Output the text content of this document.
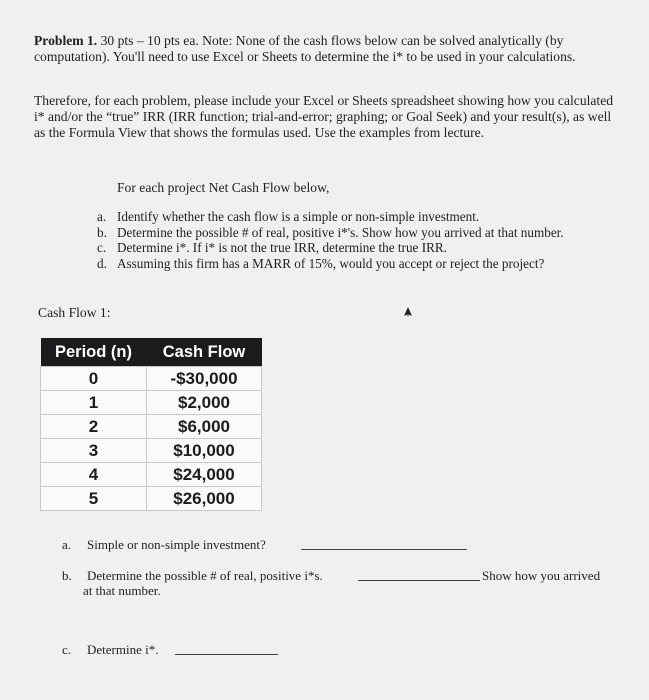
Problem 1. 30 pts – 10 pts ea. Note: None of the cash flows below can be solved analytically (by computation). You'll need to use Excel or Sheets to determine the i* to be used in your calculations.
Therefore, for each problem, please include your Excel or Sheets spreadsheet showing how you calculated i* and/or the “true” IRR (IRR function; trial-and-error; graphing; or Goal Seek) and your result(s), as well as the Formula View that shows the formulas used. Use the examples from lecture.
For each project Net Cash Flow below,
a. Identify whether the cash flow is a simple or non-simple investment.
b. Determine the possible # of real, positive i*'s. Show how you arrived at that number.
c. Determine i*. If i* is not the true IRR, determine the true IRR.
d. Assuming this firm has a MARR of 15%, would you accept or reject the project?
Cash Flow 1:
Period (n)	Cash Flow
0	-$30,000
1	$2,000
2	$6,000
3	$10,000
4	$24,000
5	$26,000
a. Simple or non-simple investment?
b. Determine the possible # of real, positive i*s.	Show how you arrived
at that number.
c. Determine i*.
